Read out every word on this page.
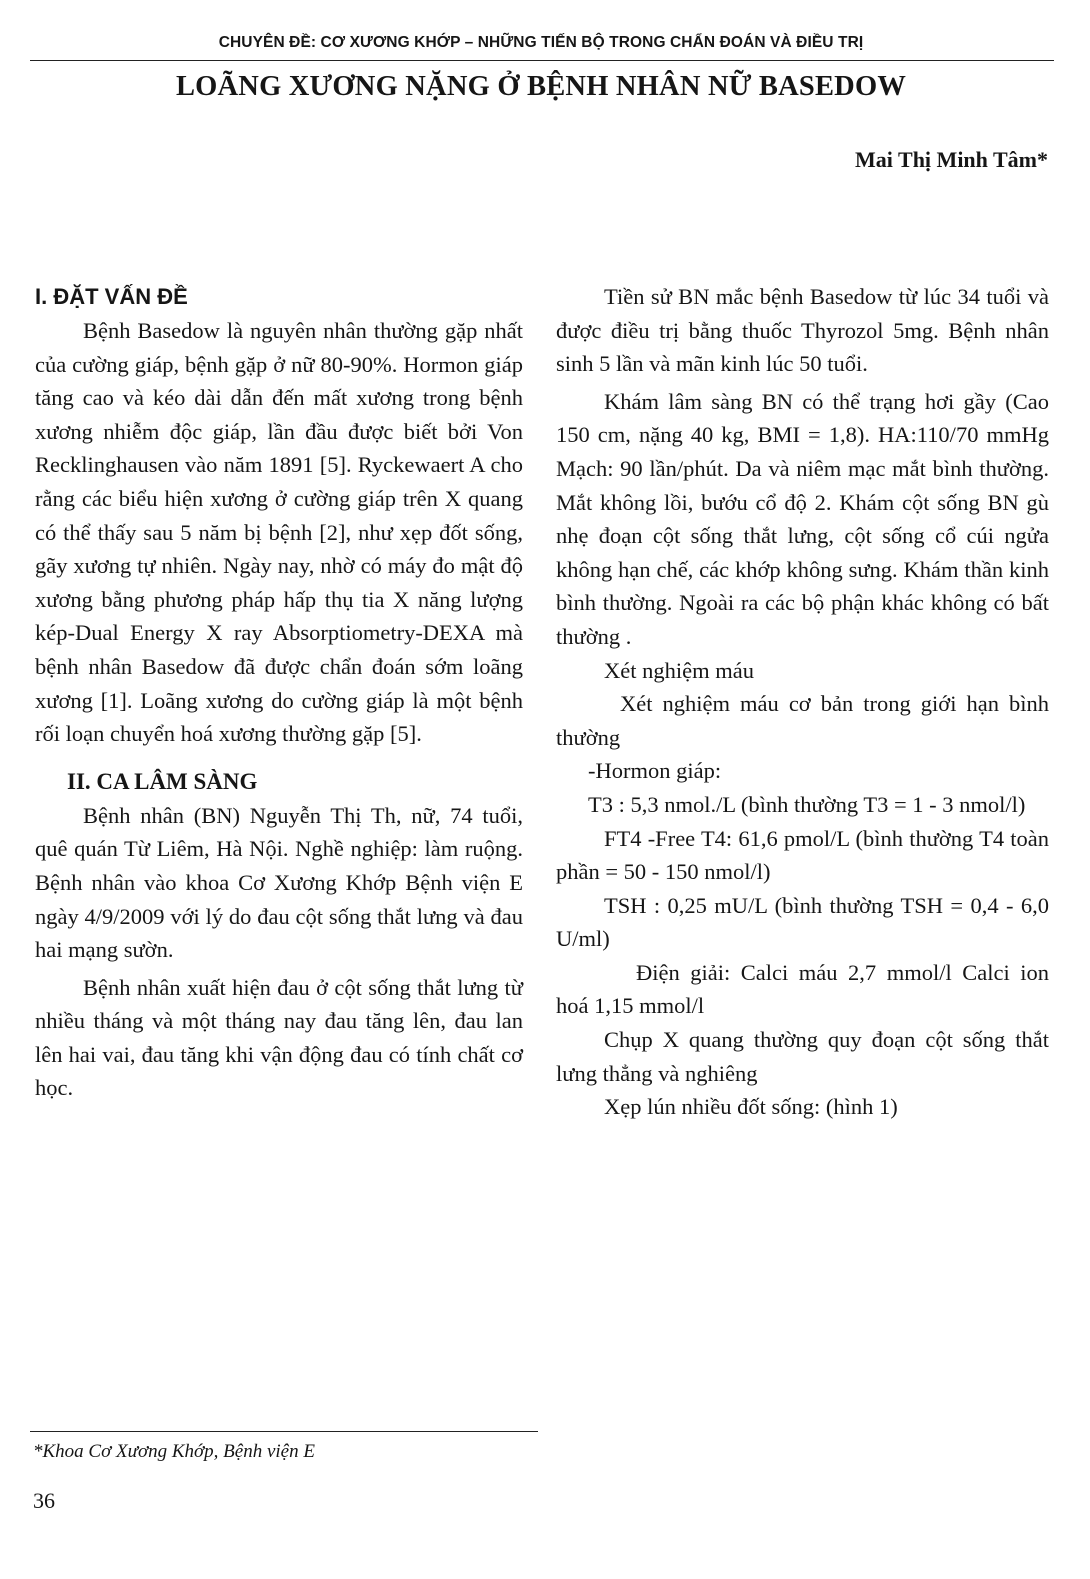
CHUYÊN ĐỀ: CƠ XƯƠNG KHỚP – NHỮNG TIẾN BỘ TRONG CHẨN ĐOÁN VÀ ĐIỀU TRỊ
LOÃNG XƯƠNG NẶNG Ở BỆNH NHÂN NỮ BASEDOW
Mai Thị Minh Tâm*

I. ĐẶT VẤN ĐỀ

Bệnh Basedow là nguyên nhân thường gặp nhất của cường giáp, bệnh gặp ở nữ 80-90%. Hormon giáp tăng cao và kéo dài dẫn đến mất xương trong bệnh xương nhiễm độc giáp, lần đầu được biết bởi Von Recklinghausen vào năm 1891 [5]. Ryckewaert A cho rằng các biểu hiện xương ở cường giáp trên X quang có thể thấy sau 5 năm bị bệnh [2], như xẹp đốt sống, gãy xương tự nhiên. Ngày nay, nhờ có máy đo mật độ xương bằng phương pháp hấp thụ tia X năng lượng kép-Dual Energy X ray Absorptiometry-DEXA mà bệnh nhân Basedow đã được chẩn đoán sớm loãng xương [1]. Loãng xương do cường giáp là một bệnh rối loạn chuyển hoá xương thường gặp [5].

II. CA LÂM SÀNG

Bệnh nhân (BN) Nguyễn Thị Th, nữ, 74 tuổi, quê quán Từ Liêm, Hà Nội. Nghề nghiệp: làm ruộng. Bệnh nhân vào khoa Cơ Xương Khớp Bệnh viện E ngày 4/9/2009 với lý do đau cột sống thắt lưng và đau hai mạng sườn.

Bệnh nhân xuất hiện đau ở cột sống thắt lưng từ nhiều tháng và một tháng nay đau tăng lên, đau lan lên hai vai, đau tăng khi vận động đau có tính chất cơ học.

Tiền sử BN mắc bệnh Basedow từ lúc 34 tuổi và được điều trị bằng thuốc Thyrozol 5mg. Bệnh nhân sinh 5 lần và mãn kinh lúc 50 tuổi.

Khám lâm sàng BN có thể trạng hơi gầy (Cao 150 cm, nặng 40 kg, BMI = 1,8). HA:110/70 mmHg Mạch: 90 lần/phút. Da và niêm mạc mắt bình thường. Mắt không lồi, bướu cổ độ 2. Khám cột sống BN gù nhẹ đoạn cột sống thắt lưng, cột sống cổ cúi ngửa không hạn chế, các khớp không sưng. Khám thần kinh bình thường. Ngoài ra các bộ phận khác không có bất thường .

Xét nghiệm máu

Xét nghiệm máu cơ bản trong giới hạn bình thường

-Hormon giáp:

T3 : 5,3 nmol./L (bình thường T3 = 1 - 3 nmol/l)

FT4 -Free T4: 61,6 pmol/L (bình thường T4 toàn phần = 50 - 150 nmol/l)

TSH : 0,25 mU/L (bình thường TSH = 0,4 - 6,0 U/ml)

Điện giải: Calci máu 2,7 mmol/l Calci ion hoá 1,15 mmol/l

Chụp X quang thường quy đoạn cột sống thắt lưng thẳng và nghiêng

Xẹp lún nhiều đốt sống: (hình 1)

*Khoa Cơ Xương Khớp, Bệnh viện E
36
